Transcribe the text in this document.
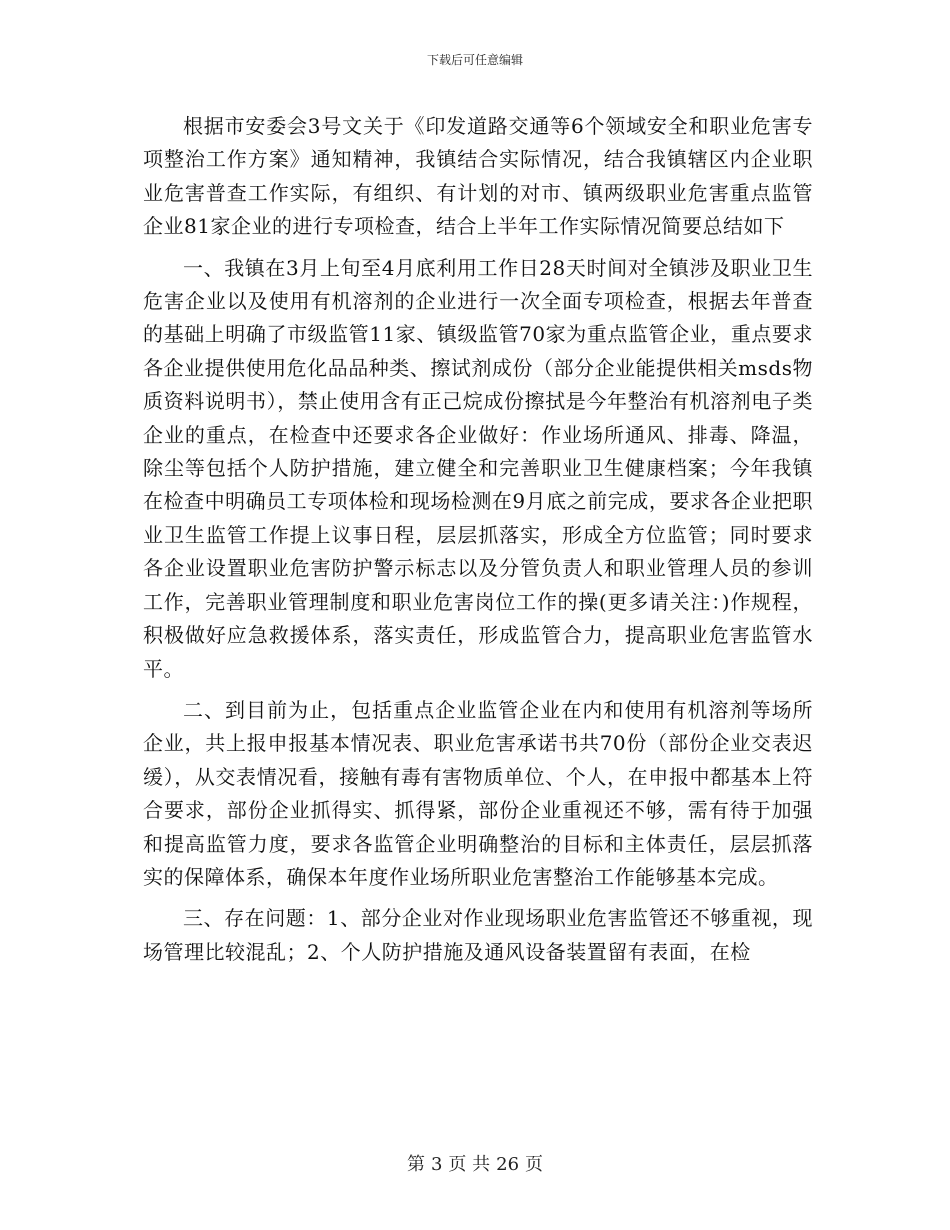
下载后可任意编辑

根据市安委会3号文关于《印发道路交通等6个领域安全和职业危害专项整治工作方案》通知精神，我镇结合实际情况，结合我镇辖区内企业职业危害普查工作实际，有组织、有计划的对市、镇两级职业危害重点监管企业81家企业的进行专项检查，结合上半年工作实际情况简要总结如下

一、我镇在3月上旬至4月底利用工作日28天时间对全镇涉及职业卫生危害企业以及使用有机溶剂的企业进行一次全面专项检查，根据去年普查的基础上明确了市级监管11家、镇级监管70家为重点监管企业，重点要求各企业提供使用危化品品种类、擦试剂成份（部分企业能提供相关msds物质资料说明书），禁止使用含有正己烷成份擦拭是今年整治有机溶剂电子类企业的重点，在检查中还要求各企业做好：作业场所通风、排毒、降温，除尘等包括个人防护措施，建立健全和完善职业卫生健康档案；今年我镇在检查中明确员工专项体检和现场检测在9月底之前完成，要求各企业把职业卫生监管工作提上议事日程，层层抓落实，形成全方位监管；同时要求各企业设置职业危害防护警示标志以及分管负责人和职业管理人员的参训工作，完善职业管理制度和职业危害岗位工作的操(更多请关注：)作规程，积极做好应急救援体系，落实责任，形成监管合力，提高职业危害监管水平。

二、到目前为止，包括重点企业监管企业在内和使用有机溶剂等场所企业，共上报申报基本情况表、职业危害承诺书共70份（部份企业交表迟缓），从交表情况看，接触有毒有害物质单位、个人，在申报中都基本上符合要求，部份企业抓得实、抓得紧，部份企业重视还不够，需有待于加强和提高监管力度，要求各监管企业明确整治的目标和主体责任，层层抓落实的保障体系，确保本年度作业场所职业危害整治工作能够基本完成。

三、存在问题：1、部分企业对作业现场职业危害监管还不够重视，现场管理比较混乱；2、个人防护措施及通风设备装置留有表面，在检

第 3 页 共 26 页
